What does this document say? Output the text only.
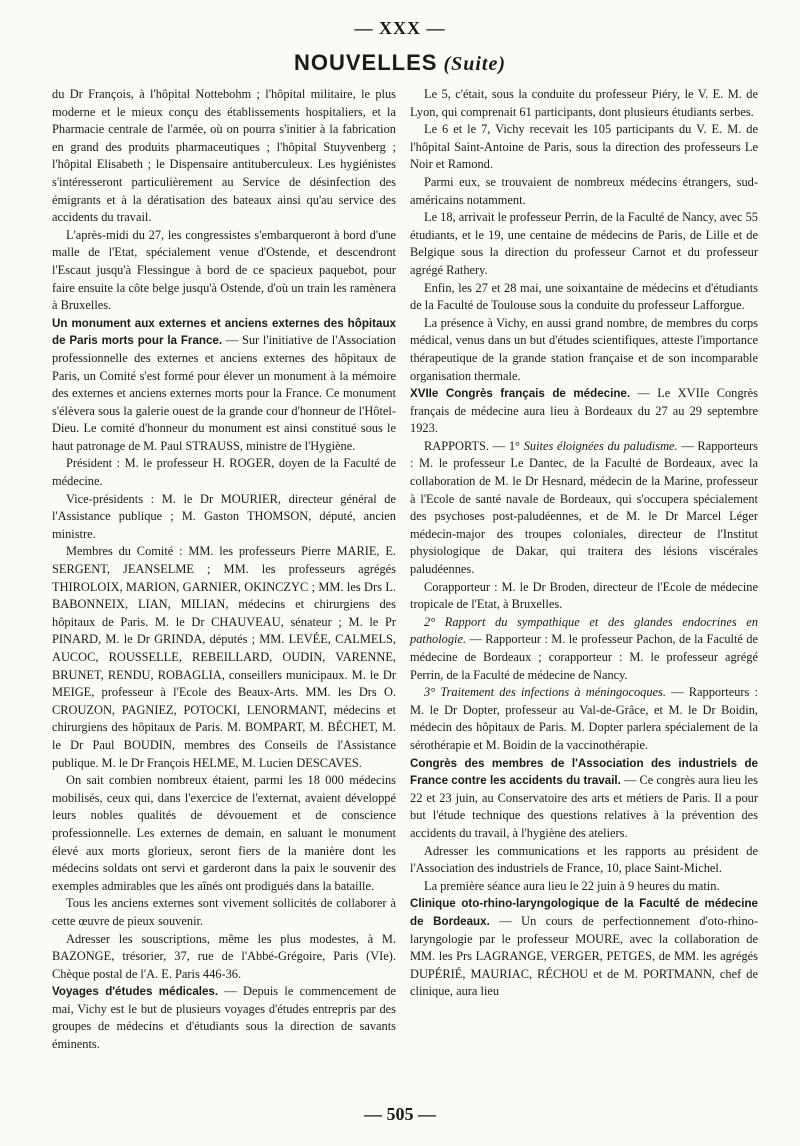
— XXX —
NOUVELLES (Suite)

du Dr François, à l'hôpital Nottebohm ; l'hôpital militaire, le plus moderne et le mieux conçu des établissements hospitaliers, et la Pharmacie centrale de l'armée, où on pourra s'initier à la fabrication en grand des produits pharmaceutiques ; l'hôpital Stuyvenberg ; l'hôpital Elisabeth ; le Dispensaire antituberculeux. Les hygiénistes s'intéresseront particulièrement au Service de désinfection des émigrants et à la dératisation des bateaux ainsi qu'au service des accidents du travail.

L'après-midi du 27, les congressistes s'embarqueront à bord d'une malle de l'Etat, spécialement venue d'Ostende, et descendront l'Escaut jusqu'à Flessingue à bord de ce spacieux paquebot, pour faire ensuite la côte belge jusqu'à Ostende, d'où un train les ramènera à Bruxelles.

Un monument aux externes et anciens externes des hôpitaux de Paris morts pour la France. — Sur l'initiative de l'Association professionnelle des externes et anciens externes des hôpitaux de Paris, un Comité s'est formé pour élever un monument à la mémoire des externes et anciens externes morts pour la France. Ce monument s'élèvera sous la galerie ouest de la grande cour d'honneur de l'Hôtel-Dieu. Le comité d'honneur du monument est ainsi constitué sous le haut patronage de M. Paul STRAUSS, ministre de l'Hygiène.

Président : M. le professeur H. ROGER, doyen de la Faculté de médecine.

Vice-présidents : M. le Dr MOURIER, directeur général de l'Assistance publique ; M. Gaston THOMSON, député, ancien ministre.

Membres du Comité : MM. les professeurs Pierre MARIE, E. SERGENT, JEANSELME ; MM. les professeurs agrégés THIROLOIX, MARION, GARNIER, OKINCZYC ; MM. les Drs L. BABONNEIX, LIAN, MILIAN, médecins et chirurgiens des hôpitaux de Paris. M. le Dr CHAUVEAU, sénateur ; M. le Pr PINARD, M. le Dr GRINDA, députés ; MM. LEVÉE, CALMELS, AUCOC, ROUSSELLE, REBEILLARD, OUDIN, VARENNE, BRUNET, RENDU, ROBAGLIA, conseillers municipaux. M. le Dr MEIGE, professeur à l'Ecole des Beaux-Arts. MM. les Drs O. CROUZON, PAGNIEZ, POTOCKI, LENORMANT, médecins et chirurgiens des hôpitaux de Paris. M. BOMPART, M. BÉCHET, M. le Dr Paul BOUDIN, membres des Conseils de l'Assistance publique. M. le Dr François HELME, M. Lucien DESCAVES.

On sait combien nombreux étaient, parmi les 18 000 médecins mobilisés, ceux qui, dans l'exercice de l'externat, avaient développé leurs nobles qualités de dévouement et de conscience professionnelle. Les externes de demain, en saluant le monument élevé aux morts glorieux, seront fiers de la manière dont les médecins soldats ont servi et garderont dans la paix le souvenir des exemples admirables que les aînés ont prodigués dans la bataille.

Tous les anciens externes sont vivement sollicités de collaborer à cette œuvre de pieux souvenir.

Adresser les souscriptions, même les plus modestes, à M. BAZONGE, trésorier, 37, rue de l'Abbé-Grégoire, Paris (VIe). Chèque postal de l'A. E. Paris 446-36.

Voyages d'études médicales. — Depuis le commencement de mai, Vichy est le but de plusieurs voyages d'études entrepris par des groupes de médecins et d'étudiants sous la direction de savants éminents.

Le 5, c'était, sous la conduite du professeur Piéry, le V. E. M. de Lyon, qui comprenait 61 participants, dont plusieurs étudiants serbes.

Le 6 et le 7, Vichy recevait les 105 participants du V. E. M. de l'hôpital Saint-Antoine de Paris, sous la direction des professeurs Le Noir et Ramond.

Parmi eux, se trouvaient de nombreux médecins étrangers, sud-américains notamment.

Le 18, arrivait le professeur Perrin, de la Faculté de Nancy, avec 55 étudiants, et le 19, une centaine de médecins de Paris, de Lille et de Belgique sous la direction du professeur Carnot et du professeur agrégé Rathery.

Enfin, les 27 et 28 mai, une soixantaine de médecins et d'étudiants de la Faculté de Toulouse sous la conduite du professeur Lafforgue.

La présence à Vichy, en aussi grand nombre, de membres du corps médical, venus dans un but d'études scientifiques, atteste l'importance thérapeutique de la grande station française et de son incomparable organisation thermale.

XVIIe Congrès français de médecine. — Le XVIIe Congrès français de médecine aura lieu à Bordeaux du 27 au 29 septembre 1923.

RAPPORTS. — 1° Suites éloignées du paludisme. — Rapporteurs : M. le professeur Le Dantec, de la Faculté de Bordeaux, avec la collaboration de M. le Dr Hesnard, médecin de la Marine, professeur à l'Ecole de santé navale de Bordeaux, qui s'occupera spécialement des psychoses post-paludéennes, et de M. le Dr Marcel Léger médecin-major des troupes coloniales, directeur de l'Institut physiologique de Dakar, qui traitera des lésions viscérales paludéennes.

Corapporteur : M. le Dr Broden, directeur de l'Ecole de médecine tropicale de l'Etat, à Bruxelles.

2° Rapport du sympathique et des glandes endocrines en pathologie. — Rapporteur : M. le professeur Pachon, de la Faculté de médecine de Bordeaux ; corapporteur : M. le professeur agrégé Perrin, de la Faculté de médecine de Nancy.

3° Traitement des infections à méningocoques. — Rapporteurs : M. le Dr Dopter, professeur au Val-de-Grâce, et M. le Dr Boidin, médecin des hôpitaux de Paris. M. Dopter parlera spécialement de la sérothérapie et M. Boidin de la vaccinothérapie.

Congrès des membres de l'Association des industriels de France contre les accidents du travail. — Ce congrès aura lieu les 22 et 23 juin, au Conservatoire des arts et métiers de Paris. Il a pour but l'étude technique des questions relatives à la prévention des accidents du travail, à l'hygiène des ateliers.

Adresser les communications et les rapports au président de l'Association des industriels de France, 10, place Saint-Michel.

La première séance aura lieu le 22 juin à 9 heures du matin.

Clinique oto-rhino-laryngologique de la Faculté de médecine de Bordeaux. — Un cours de perfectionnement d'oto-rhino-laryngologie par le professeur MOURE, avec la collaboration de MM. les Prs LAGRANGE, VERGER, PETGES, de MM. les agrégés DUPÉRIÉ, MAURIAC, RÉCHOU et de M. PORTMANN, chef de clinique, aura lieu

— 505 —
